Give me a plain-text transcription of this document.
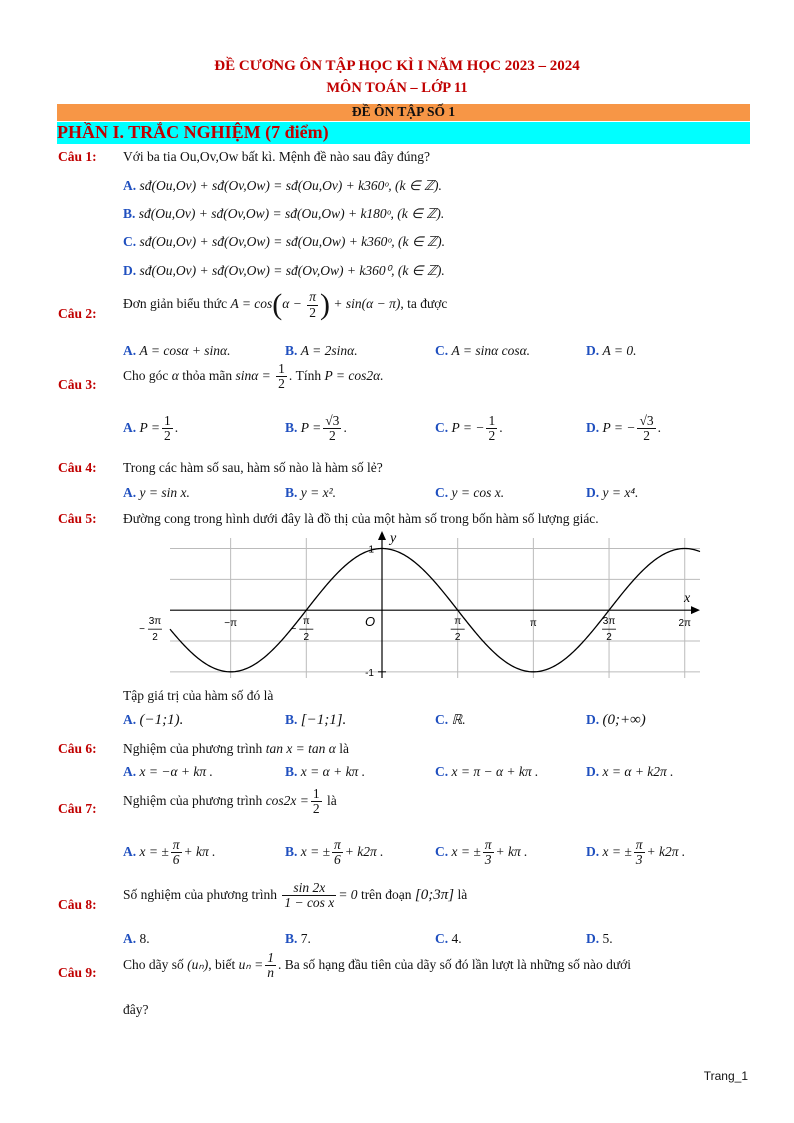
ĐỀ CƯƠNG ÔN TẬP HỌC KÌ I NĂM HỌC 2023 – 2024
MÔN TOÁN – LỚP 11
ĐỀ ÔN TẬP SỐ 1
PHẦN I. TRẮC NGHIỆM (7 điểm)
Câu 1: Với ba tia Ou,Ov,Ow bất kì. Mệnh đề nào sau đây đúng?
A. sđ(Ou,Ov) + sđ(Ov,Ow) = sđ(Ou,Ov) + k360ᵒ, (k ∈ ℤ).
B. sđ(Ou,Ov) + sđ(Ov,Ow) = sđ(Ou,Ow) + k180ᵒ, (k ∈ ℤ).
C. sđ(Ou,Ov) + sđ(Ov,Ow) = sđ(Ou,Ow) + k360ᵒ, (k ∈ ℤ).
D. sđ(Ou,Ov) + sđ(Ov,Ow) = sđ(Ov,Ow) + k360⁰, (k ∈ ℤ).
Câu 2:
Đơn giản biểu thức $A = \cos(\alpha - \frac{\pi}{2}$ ) + sin(α − π), ta được
A. A = cosα + sinα.	B. A = 2sinα.	C. A = sinα cosα.	D. A = 0.
Câu 3:
Cho góc α thỏa mãn $\sin\alpha = \frac{1}{2}$ . Tính P = cos2α.
A. $P = \frac{1}{2}$ .	B. $P = \frac{√3}{2}$ .	C. P = − $\frac{1}{2}$ .	D. P = − $\frac{√3}{2}$ .
Câu 4: Trong các hàm số sau, hàm số nào là hàm số lẻ?
A. y = sin x.	B. y = x².	C. y = cos x.	D. y = x⁴.
Câu 5: Đường cong trong hình dưới đây là đồ thị của một hàm số trong bốn hàm số lượng giác.
x
y
O
3π
2
−
−π	π
2
−
π
2
π	3π
2
2π
1
-1
Tập giá trị của hàm số đó là
A. (−1;1).	B. [−1;1].	C. ℝ.	D. (0;+∞)
Câu 6: Nghiệm của phương trình tan x = tan α là
A. x = −α + kπ .	B. x = α + kπ .	C. x = π − α + kπ .	D. x = α + k2π .
Câu 7:
Nghiệm của phương trình $\cos 2x = \frac{1}{2}$ là
A. x = ± $\frac{\pi}{6} + k\pi$ .	B. x = ± $\frac{\pi}{6} + k2\pi$ .	C. x = ± $\frac{\pi}{3} + k\pi$ .	D. x = ± $\frac{\pi}{3} + k2\pi$ .
Câu 8:
Số nghiệm của phương trình $\frac{\sin 2x}{\text{1 − cos x}} = 0$ trên đoạn [0;3π] là
A. 8.	B. 7.	C. 4.	D. 5.
Câu 9:
Cho dãy số (uₙ), biết $u_n = \frac{1}{n}$ . Ba số hạng đầu tiên của dãy số đó lần lượt là những số nào dưới
đây?
Trang_1
